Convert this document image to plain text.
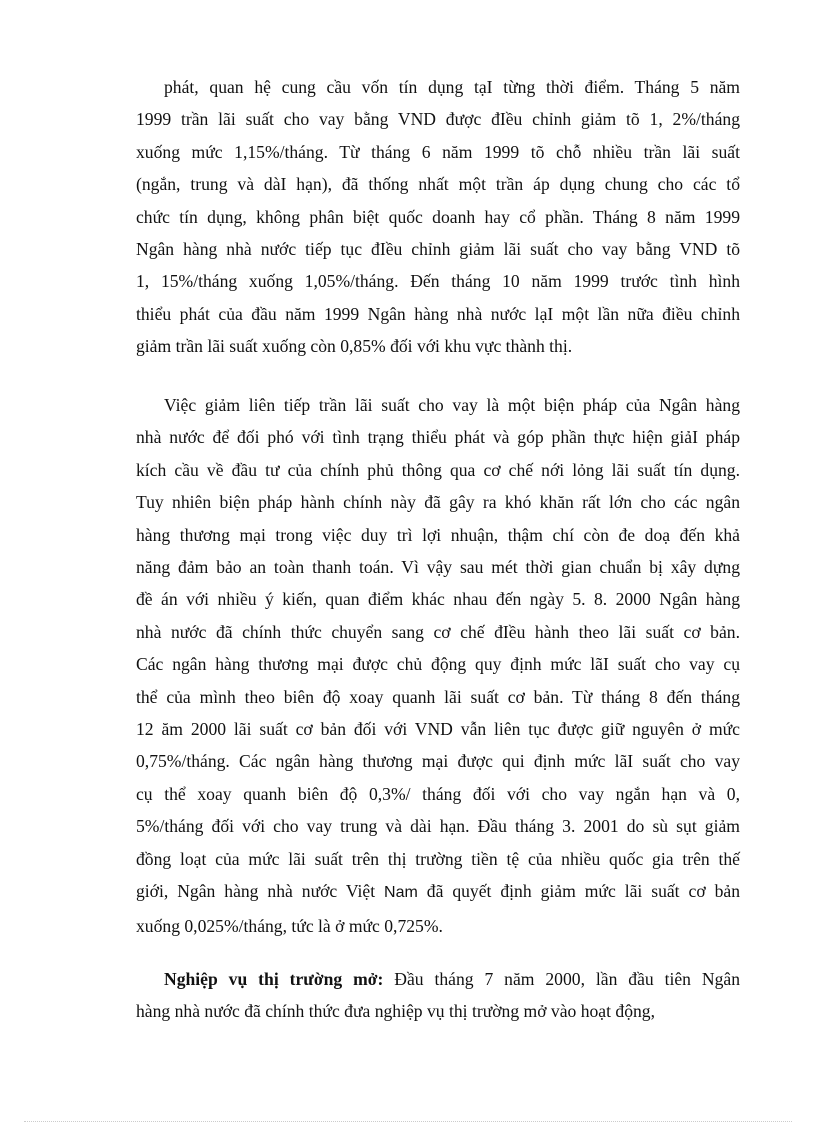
phát, quan hệ cung cầu vốn tín dụng tạI từng thời điểm. Tháng 5 năm
1999 trần lãi suất cho vay bằng VND được đIều chỉnh giảm tõ 1, 2%/tháng
xuống mức 1,15%/tháng. Từ tháng 6 năm 1999 tõ chỗ nhiều trần lãi suất
(ngắn, trung và dàI hạn), đã thống nhất một trần áp dụng chung cho các tổ
chức tín dụng, không phân biệt quốc doanh hay cổ phần. Tháng 8 năm 1999
Ngân hàng nhà nước tiếp tục đIều chỉnh giảm lãi suất cho vay bằng VND tõ
1, 15%/tháng xuống 1,05%/tháng. Đến tháng 10 năm 1999 trước tình hình
thiểu phát của đầu năm 1999 Ngân hàng nhà nước lạI một lần nữa điều chỉnh
giảm trần lãi suất xuống còn 0,85% đối với khu vực thành thị.

Việc giảm liên tiếp trần lãi suất cho vay là một biện pháp của Ngân hàng
nhà nước để đối phó với tình trạng thiểu phát và góp phần thực hiện giảI pháp
kích cầu về đầu tư của chính phủ thông qua cơ chế nới lỏng lãi suất tín dụng.
Tuy nhiên biện pháp hành chính này đã gây ra khó khăn rất lớn cho các ngân
hàng thương mại trong việc duy trì lợi nhuận, thậm chí còn đe doạ đến khả
năng đảm bảo an toàn thanh toán. Vì vậy sau mét thời gian chuẩn bị xây dựng
đề án với nhiều ý kiến, quan điểm khác nhau đến ngày 5. 8. 2000 Ngân hàng
nhà nước đã chính thức chuyển sang cơ chế đIều hành theo lãi suất cơ bản.
Các ngân hàng thương mại được chủ động quy định mức lãI suất cho vay cụ
thể của mình theo biên độ xoay quanh lãi suất cơ bản. Từ tháng 8 đến tháng
12 ăm 2000 lãi suất cơ bản đối với VND vẫn liên tục được giữ nguyên ở mức
0,75%/tháng. Các ngân hàng thương mại được qui định mức lãI suất cho vay
cụ thể xoay quanh biên độ 0,3%/ tháng đối với cho vay ngắn hạn và 0,
5%/tháng đối với cho vay trung và dài hạn. Đầu tháng 3. 2001 do sù sụt giảm
đồng loạt của mức lãi suất trên thị trường tiền tệ của nhiều quốc gia trên thế
giới, Ngân hàng nhà nước Việt Nam đã quyết định giảm mức lãi suất cơ bản
xuống 0,025%/tháng, tức là ở mức 0,725%.

Nghiệp vụ thị trường mở: Đầu tháng 7 năm 2000, lần đầu tiên Ngân
hàng nhà nước đã chính thức đưa nghiệp vụ thị trường mở vào hoạt động,
